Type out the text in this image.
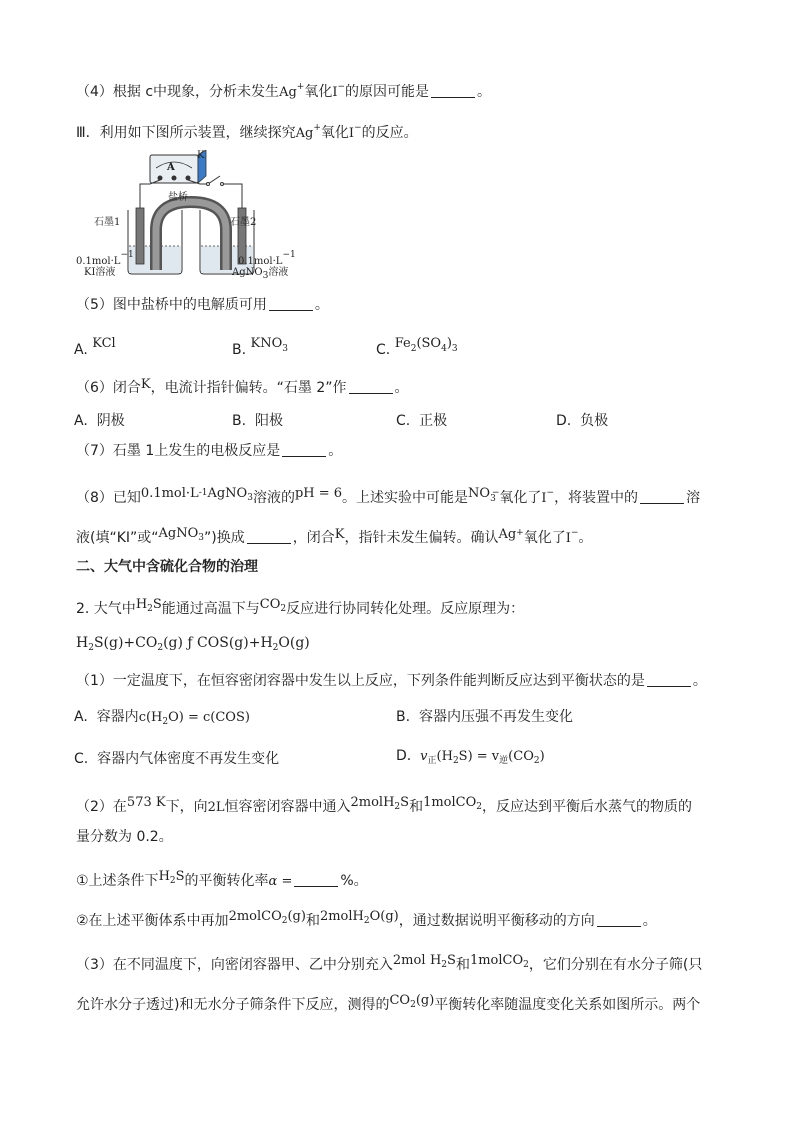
（4）根据 c中现象，分析未发生Ag+氧化I−的原因可能是	。
Ⅲ．利用如下图所示装置，继续探究Ag+氧化I−的反应。
A
K
盐桥
石墨1	石墨2
0.1mol·L−1
KI溶液
0.1mol·L−1
AgNO3溶液
（5）图中盐桥中的电解质可用	。
A. KCl	B. KNO$^3$	C. $Fe^2(SO^4)^3$
（6）闭合K，电流计指针偏转。“石墨 2”作	。
A. 阴极	B. 阳极	C. 正极	D. 负极
（7）石墨 1上发生的电极反应是	。
（8）已知$0.1mol\cdot L^{-1}AgNO^3$溶液的pH = 6。上述实验中可能是NO3−氧化了I−，将装置中的	溶
液(填“KI”或“AgNO$^3$”)换成	，闭合K，指针未发生偏转。确认Ag+氧化了I−。
二、大气中含硫化合物的治理
2. 大气中$H^2S$能通过高温下与$CO^2$反应进行协同转化处理。反应原理为：
$H_2S(g)+CO_2(g)$ ƒ $COS(g)+H_2O(g)$
（1）一定温度下，在恒容密闭容器中发生以上反应，下列条件能判断反应达到平衡状态的是	。
A. 容器内$c(H_2O) = c(COS)$	B. 容器内压强不再发生变化
C. 容器内气体密度不再发生变化	D. $v_正(H_2S) = v_逆(CO_2)$
（2）在573 K下，向2L恒容密闭容器中通入2molH$^2$S和1molCO$^2$，反应达到平衡后水蒸气的物质的
量分数为 0.2。
①上述条件下$H^2S$的平衡转化率α =	%。
②在上述平衡体系中再加2molCO$^2$(g)和2molH$^2$O(g)，通过数据说明平衡移动的方向	。
（3）在不同温度下，向密闭容器甲、乙中分别充入2mol $H^2S$和1molCO$^2$，它们分别在有水分子筛(只
允许水分子透过)和无水分子筛条件下反应，测得的$CO^2(g)$平衡转化率随温度变化关系如图所示。两个
